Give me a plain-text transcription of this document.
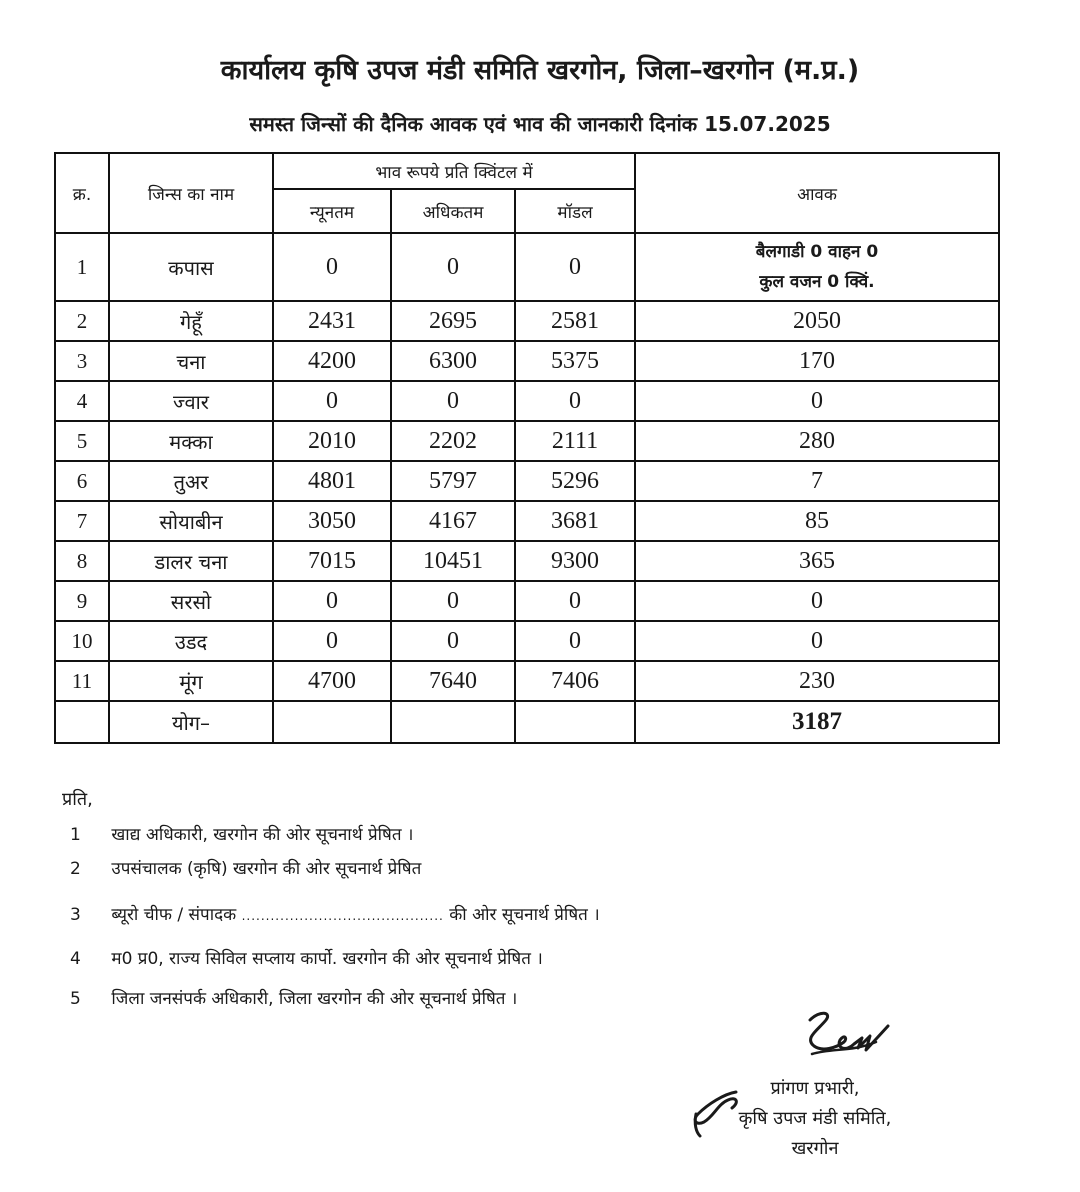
कार्यालय कृषि उपज मंडी समिति खरगोन, जिला–खरगोन (म.प्र.)
समस्त जिन्सों की दैनिक आवक एवं भाव की जानकारी दिनांक 15.07.2025
क्र.	जिन्स का नाम	भाव रूपये प्रति क्विंटल में			आवक
		न्यूनतम	अधिकतम	मॉडल	
1	कपास	0	0	0	बैलगाडी 0 वाहन 0
कुल वजन 0 क्विं.

2	गेहूँ	2431	2695	2581	2050
3	चना	4200	6300	5375	170
4	ज्वार	0	0	0	0
5	मक्का	2010	2202	2111	280
6	तुअर	4801	5797	5296	7
7	सोयाबीन	3050	4167	3681	85
8	डालर चना	7015	10451	9300	365
9	सरसो	0	0	0	0
10	उडद	0	0	0	0
11	मूंग	4700	7640	7406	230
	योग–				3187
प्रति,
1 खाद्य अधिकारी, खरगोन की ओर सूचनार्थ प्रेषित ।
2 उपसंचालक (कृषि) खरगोन की ओर सूचनार्थ प्रेषित
3 ब्यूरो चीफ / संपादक .......................................... की ओर सूचनार्थ प्रेषित ।
4 म0 प्र0, राज्य सिविल सप्लाय कार्पो. खरगोन की ओर सूचनार्थ प्रेषित ।
5 जिला जनसंपर्क अधिकारी, जिला खरगोन की ओर सूचनार्थ प्रेषित ।
प्रांगण प्रभारी,
कृषि उपज मंडी समिति,
खरगोन
